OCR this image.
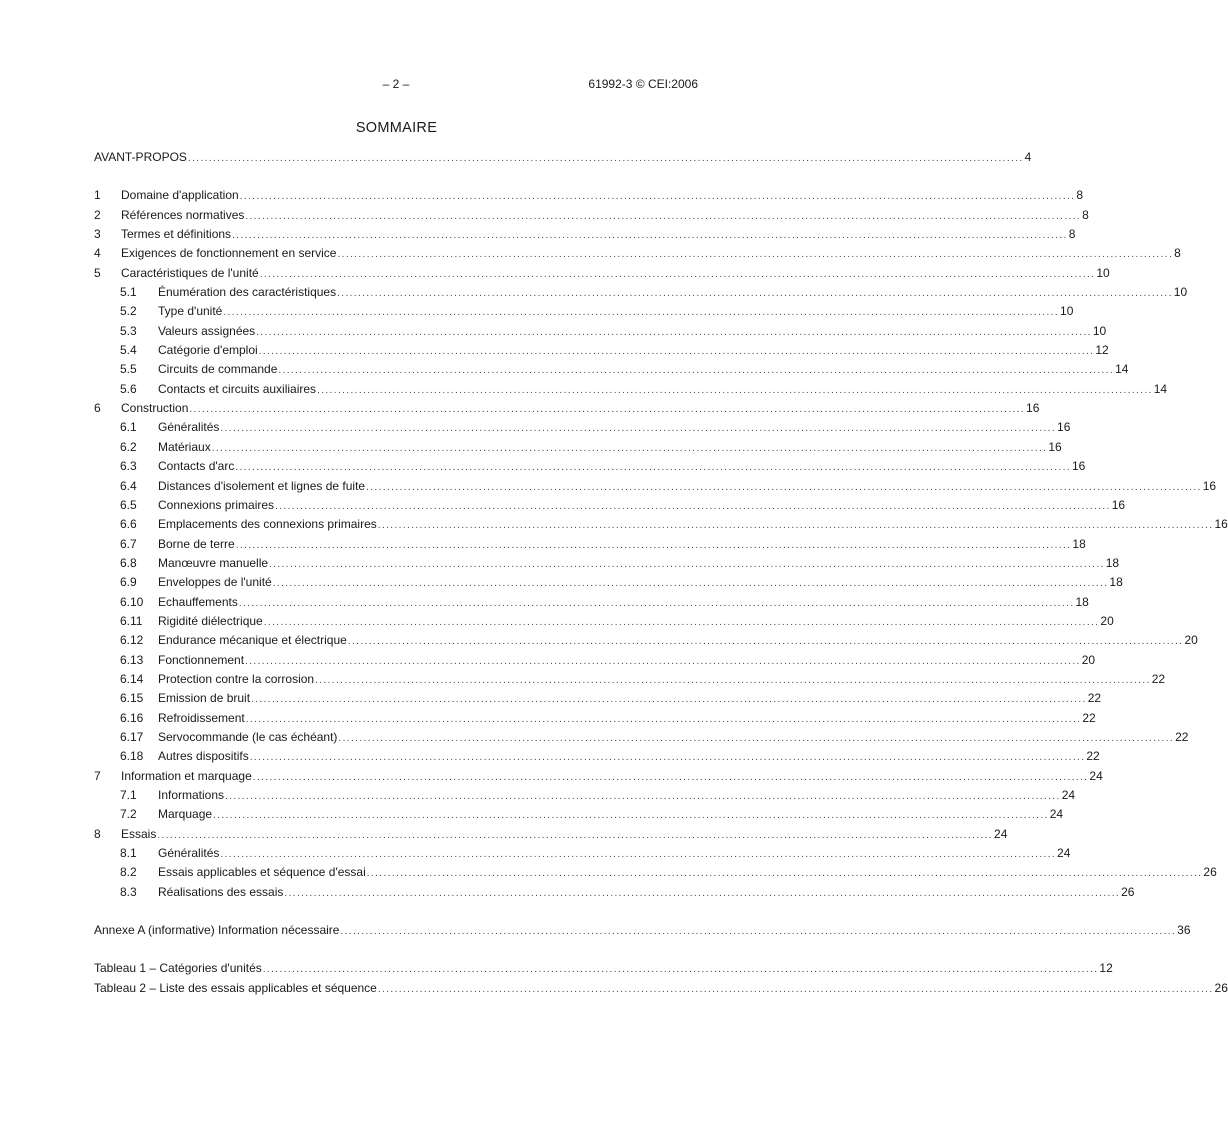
– 2 –	61992-3 © CEI:2006
SOMMAIRE
AVANT-PROPOS ........................................................................................................................................................................................................ 4
1	Domaine d'application ........................................................................................................................................................................................................ 8
2	Références normatives ........................................................................................................................................................................................................ 8
3	Termes et définitions ........................................................................................................................................................................................................ 8
4	Exigences de fonctionnement en service ........................................................................................................................................................................................................ 8
5	Caractéristiques de l'unité ........................................................................................................................................................................................................ 10
5.1	Énumération des caractéristiques ........................................................................................................................................................................................................ 10
5.2	Type d'unité ........................................................................................................................................................................................................ 10
5.3	Valeurs assignées ........................................................................................................................................................................................................ 10
5.4	Catégorie d'emploi ........................................................................................................................................................................................................ 12
5.5	Circuits de commande ........................................................................................................................................................................................................ 14
5.6	Contacts et circuits auxiliaires ........................................................................................................................................................................................................ 14
6	Construction ........................................................................................................................................................................................................ 16
6.1	Généralités ........................................................................................................................................................................................................ 16
6.2	Matériaux ........................................................................................................................................................................................................ 16
6.3	Contacts d'arc ........................................................................................................................................................................................................ 16
6.4	Distances d'isolement et lignes de fuite ........................................................................................................................................................................................................ 16
6.5	Connexions primaires ........................................................................................................................................................................................................ 16
6.6	Emplacements des connexions primaires ........................................................................................................................................................................................................ 16
6.7	Borne de terre ........................................................................................................................................................................................................ 18
6.8	Manœuvre manuelle ........................................................................................................................................................................................................ 18
6.9	Enveloppes de l'unité ........................................................................................................................................................................................................ 18
6.10	Echauffements ........................................................................................................................................................................................................ 18
6.11	Rigidité diélectrique ........................................................................................................................................................................................................ 20
6.12	Endurance mécanique et électrique ........................................................................................................................................................................................................ 20
6.13	Fonctionnement ........................................................................................................................................................................................................ 20
6.14	Protection contre la corrosion ........................................................................................................................................................................................................ 22
6.15	Emission de bruit ........................................................................................................................................................................................................ 22
6.16	Refroidissement ........................................................................................................................................................................................................ 22
6.17	Servocommande (le cas échéant) ........................................................................................................................................................................................................ 22
6.18	Autres dispositifs ........................................................................................................................................................................................................ 22
7	Information et marquage ........................................................................................................................................................................................................ 24
7.1	Informations ........................................................................................................................................................................................................ 24
7.2	Marquage ........................................................................................................................................................................................................ 24
8	Essais ........................................................................................................................................................................................................ 24
8.1	Généralités ........................................................................................................................................................................................................ 24
8.2	Essais applicables et séquence d'essai ........................................................................................................................................................................................................ 26
8.3	Réalisations des essais ........................................................................................................................................................................................................ 26
Annexe A (informative) Information nécessaire ........................................................................................................................................................................................................ 36
Tableau 1 – Catégories d'unités ........................................................................................................................................................................................................ 12
Tableau 2 – Liste des essais applicables et séquence ........................................................................................................................................................................................................ 26
